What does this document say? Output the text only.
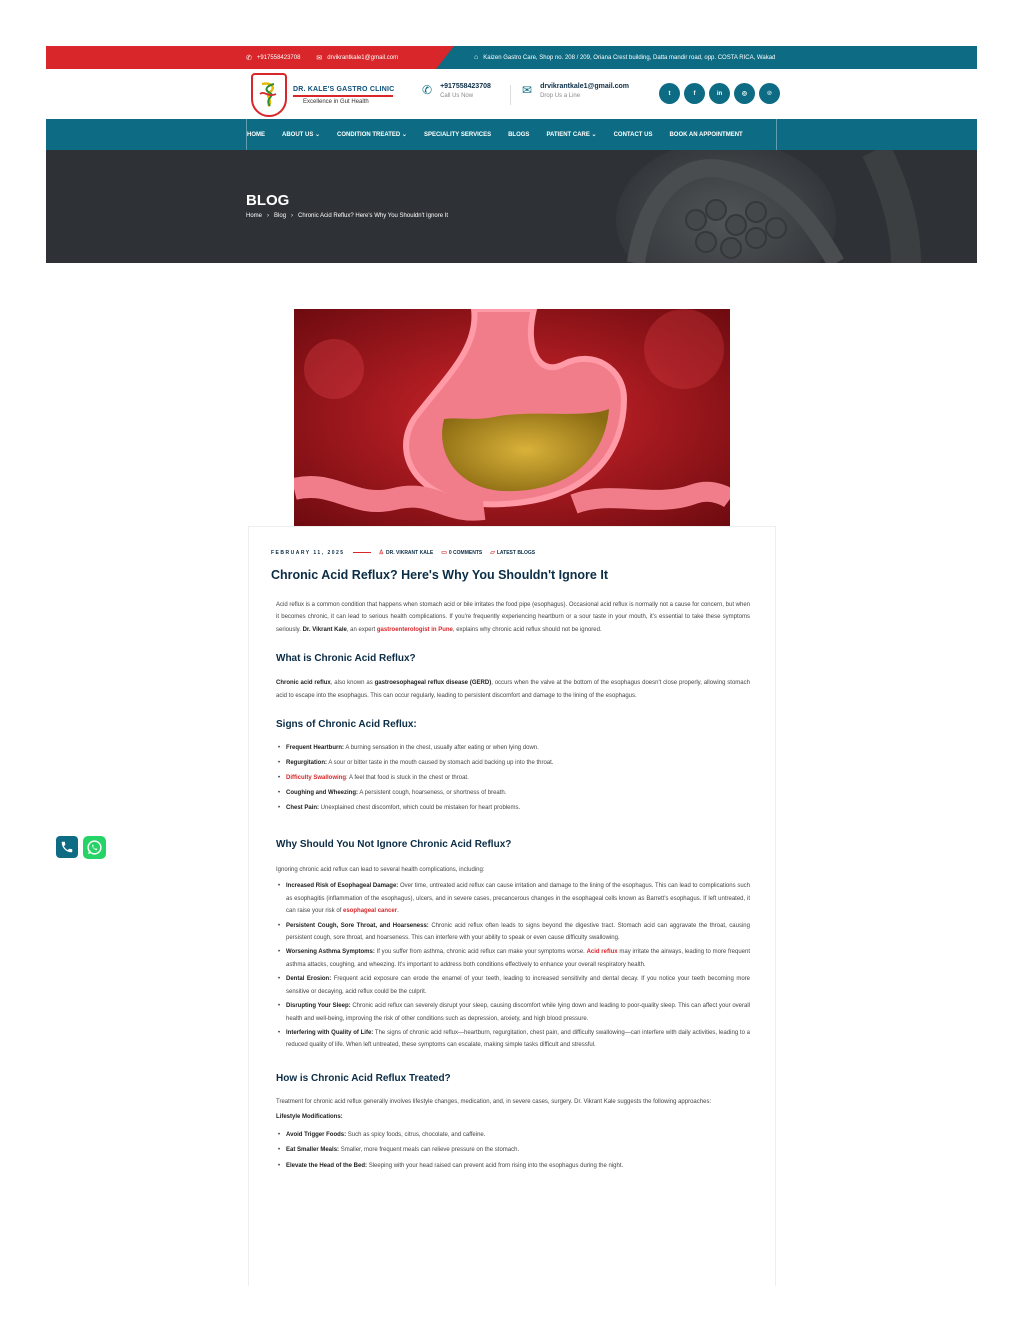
✆ +917558423708 ✉ drvikrantkale1@gmail.com	⌂ Kaizen Gastro Care, Shop no. 208 / 209, Oriana Crest building, Datta mandir road, opp. COSTA RICA, Wakad
DR. KALE'S GASTRO CLINIC
Excellence in Gut Health
✆ +917558423708
Call Us Now	✉ drvikrantkale1@gmail.com
Drop Us a Line	t	f	in	◎	℗
HOME	ABOUT US ⌄	CONDITION TREATED ⌄	SPECIALITY SERVICES	BLOGS	PATIENT CARE ⌄	CONTACT US	BOOK AN APPOINTMENT
BLOG
Home › Blog › Chronic Acid Reflux? Here's Why You Shouldn't Ignore It
FEBRUARY 11, 2025	♙ DR. VIKRANT KALE ▭ 0 COMMENTS ▱ LATEST BLOGS
Chronic Acid Reflux? Here's Why You Shouldn't Ignore It

Acid reflux is a common condition that happens when stomach acid or bile irritates the food pipe (esophagus). Occasional acid reflux is normally not a cause for concern, but when it becomes chronic, it can lead to serious health complications. If you're frequently experiencing heartburn or a sour taste in your mouth, it's essential to take these symptoms seriously. Dr. Vikrant Kale, an expert gastroenterologist in Pune, explains why chronic acid reflux should not be ignored.

What is Chronic Acid Reflux?

Chronic acid reflux, also known as gastroesophageal reflux disease (GERD), occurs when the valve at the bottom of the esophagus doesn't close properly, allowing stomach acid to escape into the esophagus. This can occur regularly, leading to persistent discomfort and damage to the lining of the esophagus.

Signs of Chronic Acid Reflux:
• Frequent Heartburn: A burning sensation in the chest, usually after eating or when lying down.
• Regurgitation: A sour or bitter taste in the mouth caused by stomach acid backing up into the throat.
• Difficulty Swallowing: A feel that food is stuck in the chest or throat.
• Coughing and Wheezing: A persistent cough, hoarseness, or shortness of breath.
• Chest Pain: Unexplained chest discomfort, which could be mistaken for heart problems.
Why Should You Not Ignore Chronic Acid Reflux?

Ignoring chronic acid reflux can lead to several health complications, including:

• Increased Risk of Esophageal Damage: Over time, untreated acid reflux can cause irritation and damage to the lining of the esophagus. This can lead to complications such as esophagitis (inflammation of the esophagus), ulcers, and in severe cases, precancerous changes in the esophageal cells known as Barrett's esophagus. If left untreated, it can raise your risk of esophageal cancer.
• Persistent Cough, Sore Throat, and Hoarseness: Chronic acid reflux often leads to signs beyond the digestive tract. Stomach acid can aggravate the throat, causing persistent cough, sore throat, and hoarseness. This can interfere with your ability to speak or even cause difficulty swallowing.
• Worsening Asthma Symptoms: If you suffer from asthma, chronic acid reflux can make your symptoms worse. Acid reflux may irritate the airways, leading to more frequent asthma attacks, coughing, and wheezing. It's important to address both conditions effectively to enhance your overall respiratory health.
• Dental Erosion: Frequent acid exposure can erode the enamel of your teeth, leading to increased sensitivity and dental decay. If you notice your teeth becoming more sensitive or decaying, acid reflux could be the culprit.
• Disrupting Your Sleep: Chronic acid reflux can severely disrupt your sleep, causing discomfort while lying down and leading to poor-quality sleep. This can affect your overall health and well-being, improving the risk of other conditions such as depression, anxiety, and high blood pressure.
• Interfering with Quality of Life: The signs of chronic acid reflux—heartburn, regurgitation, chest pain, and difficulty swallowing—can interfere with daily activities, leading to a reduced quality of life. When left untreated, these symptoms can escalate, making simple tasks difficult and stressful.
How is Chronic Acid Reflux Treated?

Treatment for chronic acid reflux generally involves lifestyle changes, medication, and, in severe cases, surgery. Dr. Vikrant Kale suggests the following approaches:

Lifestyle Modifications:

• Avoid Trigger Foods: Such as spicy foods, citrus, chocolate, and caffeine.
• Eat Smaller Meals: Smaller, more frequent meals can relieve pressure on the stomach.
• Elevate the Head of the Bed: Sleeping with your head raised can prevent acid from rising into the esophagus during the night.
